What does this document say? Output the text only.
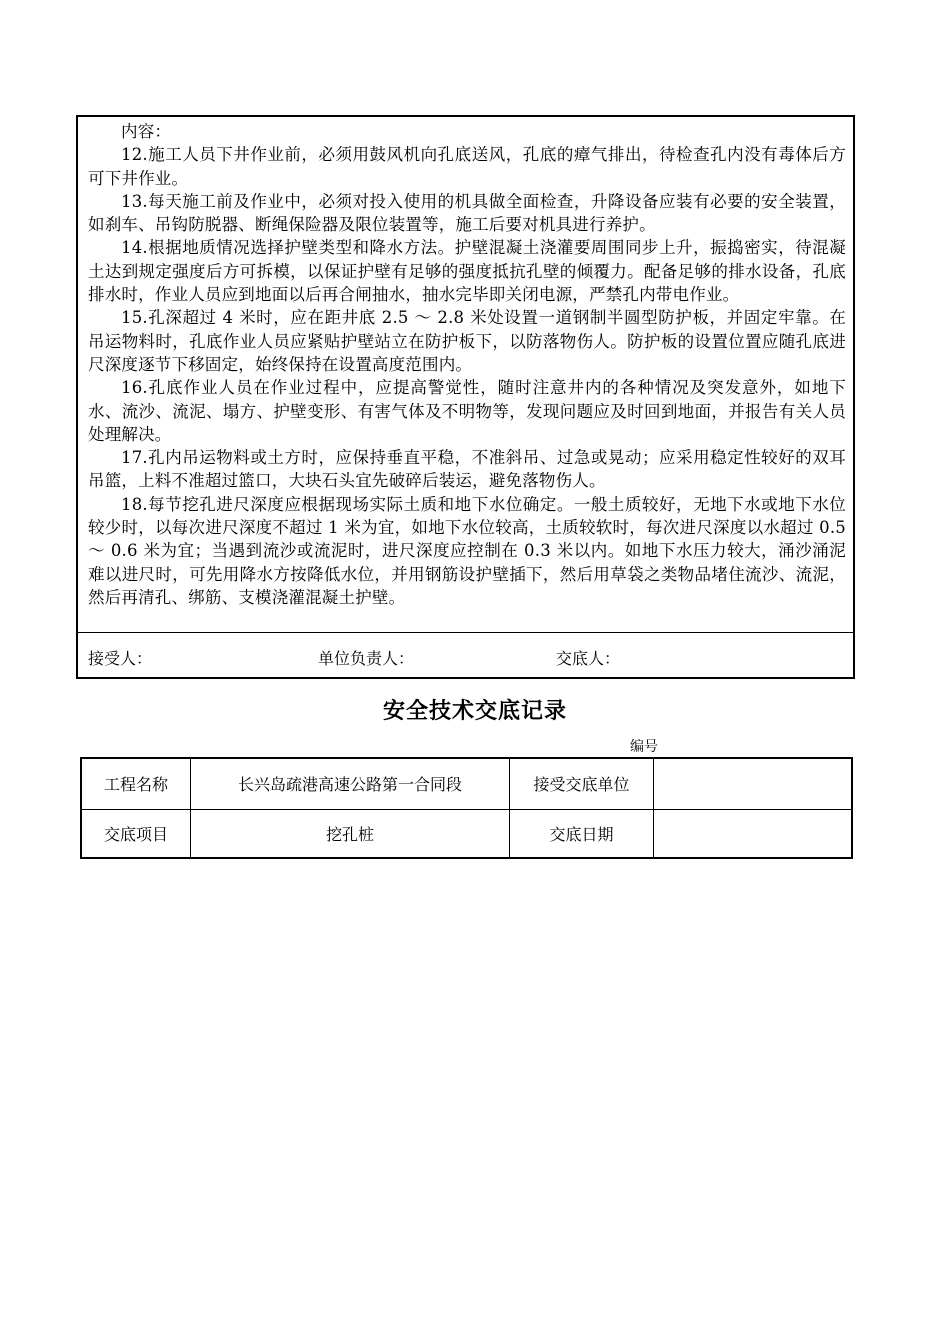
内容：

12.施工人员下井作业前，必须用鼓风机向孔底送风，孔底的瘴气排出，待检查孔内没有毒体后方可下井作业。

13.每天施工前及作业中，必须对投入使用的机具做全面检查，升降设备应装有必要的安全装置，如刹车、吊钩防脱器、断绳保险器及限位装置等，施工后要对机具进行养护。

14.根据地质情况选择护壁类型和降水方法。护壁混凝土浇灌要周围同步上升，振捣密实，待混凝土达到规定强度后方可拆模，以保证护壁有足够的强度抵抗孔壁的倾覆力。配备足够的排水设备，孔底排水时，作业人员应到地面以后再合闸抽水，抽水完毕即关闭电源，严禁孔内带电作业。

15.孔深超过 4 米时，应在距井底 2.5 ～ 2.8 米处设置一道钢制半圆型防护板，并固定牢靠。在吊运物料时，孔底作业人员应紧贴护壁站立在防护板下，以防落物伤人。防护板的设置位置应随孔底进尺深度逐节下移固定，始终保持在设置高度范围内。

16.孔底作业人员在作业过程中，应提高警觉性，随时注意井内的各种情况及突发意外，如地下水、流沙、流泥、塌方、护壁变形、有害气体及不明物等，发现问题应及时回到地面，并报告有关人员处理解决。

17.孔内吊运物料或土方时，应保持垂直平稳，不准斜吊、过急或晃动；应采用稳定性较好的双耳吊篮，上料不准超过篮口，大块石头宜先破碎后装运，避免落物伤人。

18.每节挖孔进尺深度应根据现场实际土质和地下水位确定。一般土质较好，无地下水或地下水位较少时，以每次进尺深度不超过 1 米为宜，如地下水位较高，土质较软时，每次进尺深度以水超过 0.5 ～ 0.6 米为宜；当遇到流沙或流泥时，进尺深度应控制在 0.3 米以内。如地下水压力较大，涌沙涌泥难以进尺时，可先用降水方按降低水位，并用钢筋设护壁插下，然后用草袋之类物品堵住流沙、流泥，然后再清孔、绑筋、支模浇灌混凝土护壁。

接受人：	单位负责人：	交底人：
安全技术交底记录
编号
工程名称	长兴岛疏港高速公路第一合同段	接受交底单位	
交底项目	挖孔桩	交底日期	
